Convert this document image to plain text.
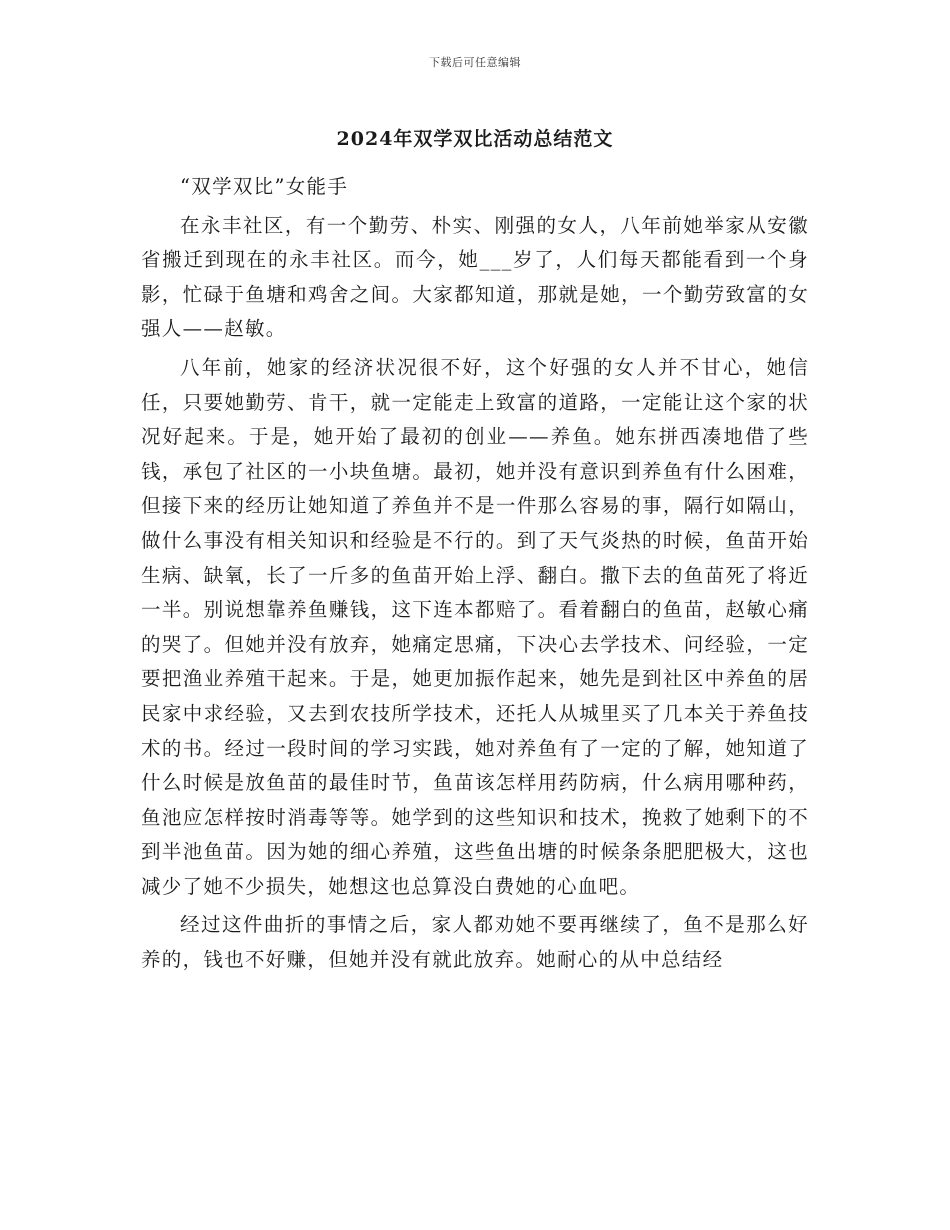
下载后可任意编辑
2024年双学双比活动总结范文

“双学双比”女能手

在永丰社区，有一个勤劳、朴实、刚强的女人，八年前她举家从安徽省搬迁到现在的永丰社区。而今，她___岁了，人们每天都能看到一个身影，忙碌于鱼塘和鸡舍之间。大家都知道，那就是她，一个勤劳致富的女强人——赵敏。

八年前，她家的经济状况很不好，这个好强的女人并不甘心，她信任，只要她勤劳、肯干，就一定能走上致富的道路，一定能让这个家的状况好起来。于是，她开始了最初的创业——养鱼。她东拼西凑地借了些钱，承包了社区的一小块鱼塘。最初，她并没有意识到养鱼有什么困难，但接下来的经历让她知道了养鱼并不是一件那么容易的事，隔行如隔山，做什么事没有相关知识和经验是不行的。到了天气炎热的时候，鱼苗开始生病、缺氧，长了一斤多的鱼苗开始上浮、翻白。撒下去的鱼苗死了将近一半。别说想靠养鱼赚钱，这下连本都赔了。看着翻白的鱼苗，赵敏心痛的哭了。但她并没有放弃，她痛定思痛，下决心去学技术、问经验，一定要把渔业养殖干起来。于是，她更加振作起来，她先是到社区中养鱼的居民家中求经验，又去到农技所学技术，还托人从城里买了几本关于养鱼技术的书。经过一段时间的学习实践，她对养鱼有了一定的了解，她知道了什么时候是放鱼苗的最佳时节，鱼苗该怎样用药防病，什么病用哪种药，鱼池应怎样按时消毒等等。她学到的这些知识和技术，挽救了她剩下的不到半池鱼苗。因为她的细心养殖，这些鱼出塘的时候条条肥肥极大，这也减少了她不少损失，她想这也总算没白费她的心血吧。

经过这件曲折的事情之后，家人都劝她不要再继续了，鱼不是那么好养的，钱也不好赚，但她并没有就此放弃。她耐心的从中总结经
